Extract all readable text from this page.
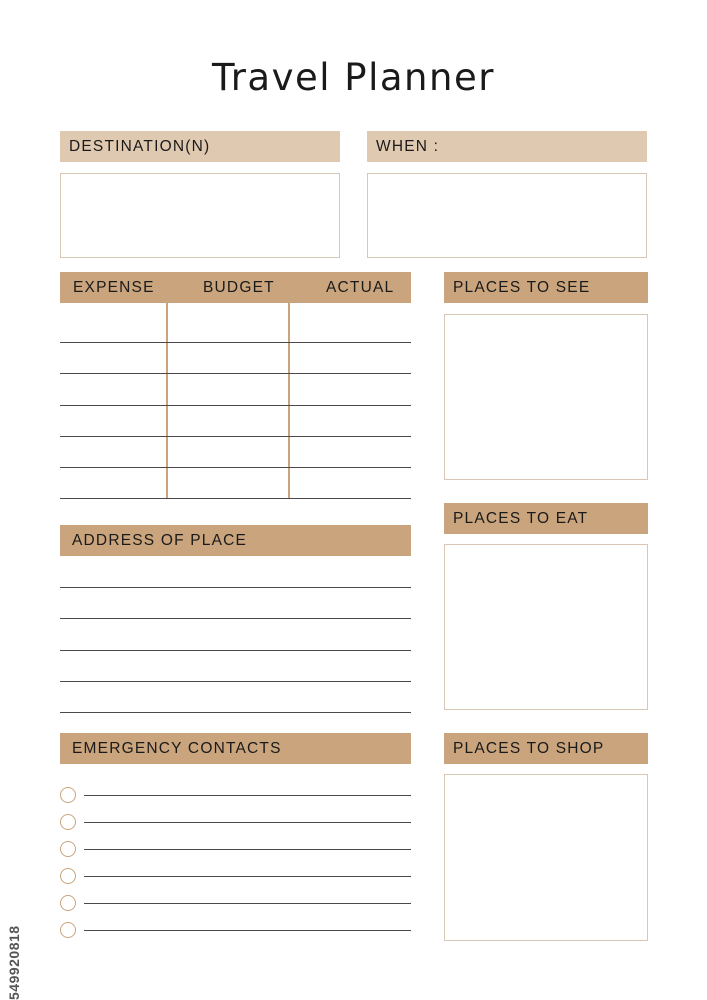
Travel Planner
DESTINATION(N)	WHEN :
EXPENSE	BUDGET	ACTUAL	PLACES TO SEE
PLACES TO EAT
ADDRESS OF PLACE
EMERGENCY CONTACTS	PLACES TO SHOP
549920818
